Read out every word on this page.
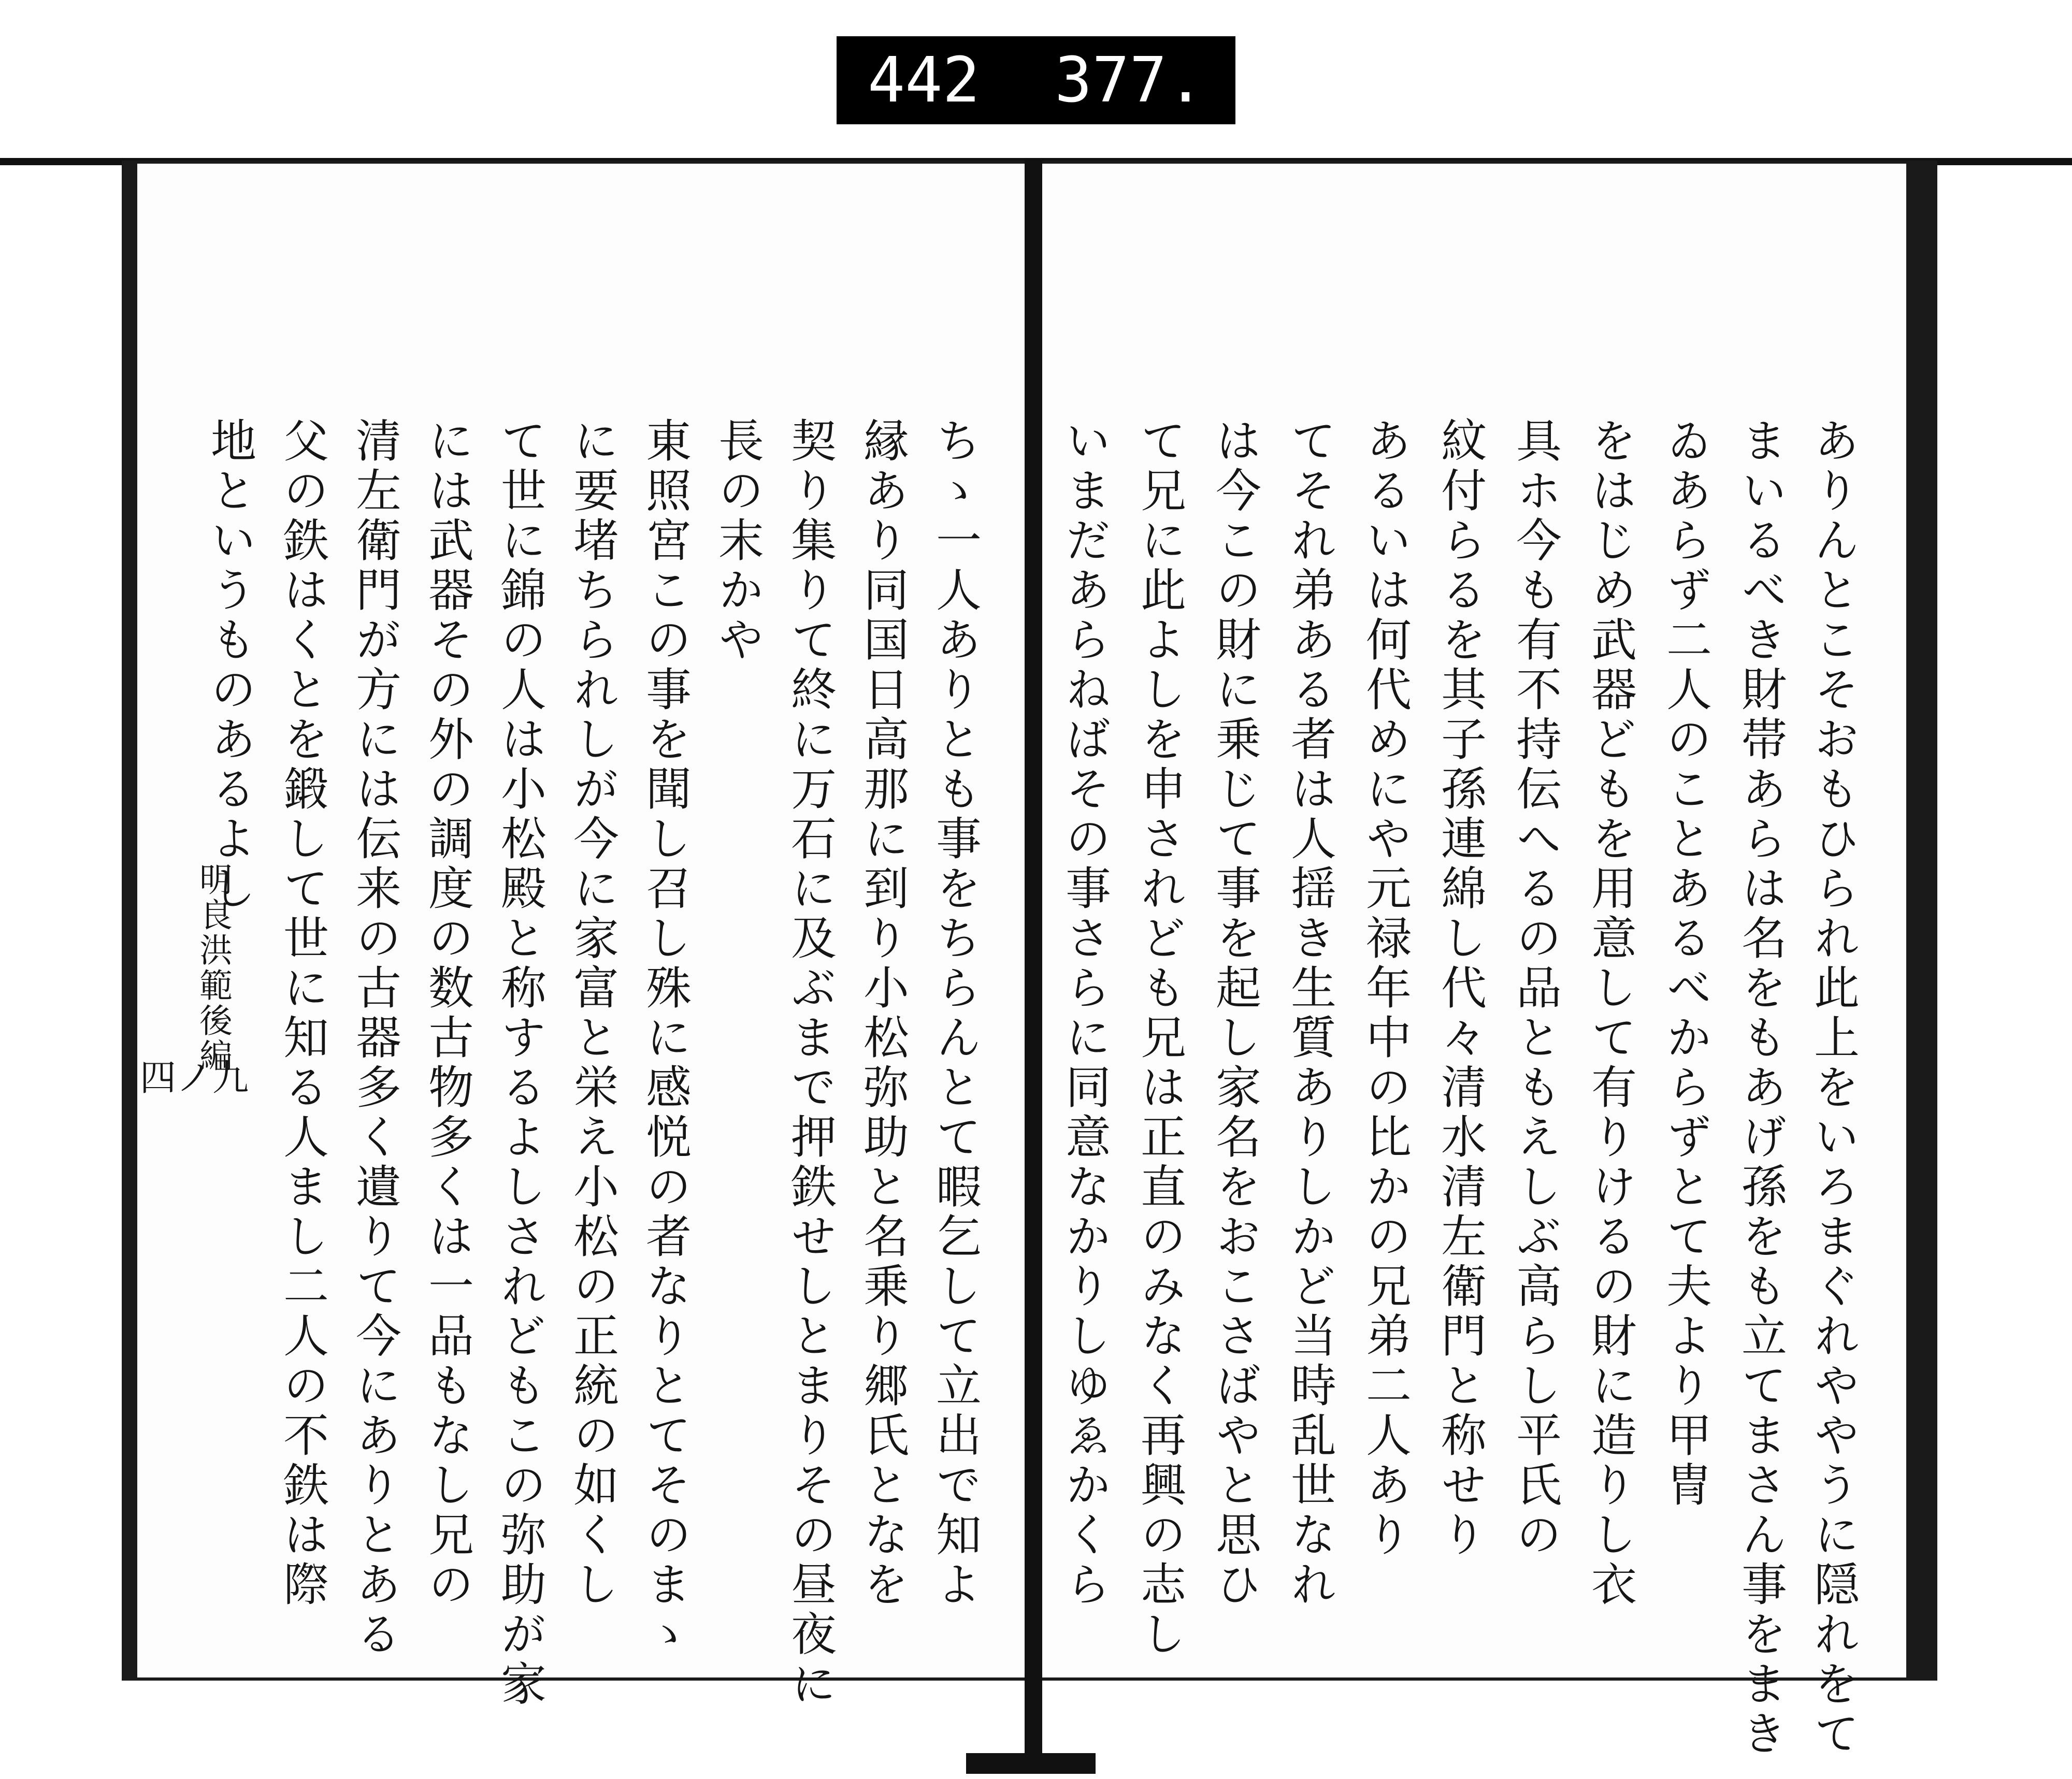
442 377.
ありんとこそおもひられ此上をいろまぐれややうに隠れをて
まいるべき財帯あらは名をもあげ孫をも立てまさん事をまき
ゐあらず二人のことあるべからずとて夫より甲冑
をはじめ武器どもを用意して有りけるの財に造りし衣
具ホ今も有不持伝へるの品ともえしぶ高らし平氏の
紋付らるを其子孫連綿し代々清水清左衛門と称せり
あるいは何代めにや元禄年中の比かの兄弟二人あり
てそれ弟ある者は人揺き生質ありしかど当時乱世なれ
は今この財に乗じて事を起し家名をおこさばやと思ひ
て兄に此よしを申されども兄は正直のみなく再興の志し
いまだあらねばその事さらに同意なかりしゆゑかくら
ちゝ一人ありとも事をちらんとて暇乞して立出で知よ
縁あり同国日高那に到り小松弥助と名乗り郷氏となを
契り集りて終に万石に及ぶまで押鉄せしとまりその昼夜に
長の末かや
東照宮この事を聞し召し殊に感悦の者なりとてそのまゝ
に要堵ちられしが今に家富と栄え小松の正統の如くし
て世に錦の人は小松殿と称するよしされどもこの弥助が家
には武器その外の調度の数古物多くは一品もなし兄の
清左衛門が方には伝来の古器多く遺りて今にありとある
父の鉄はくとを鍛して世に知る人まし二人の不鉄は際
地というものあるよし
明良洪範後編
四ノ九
